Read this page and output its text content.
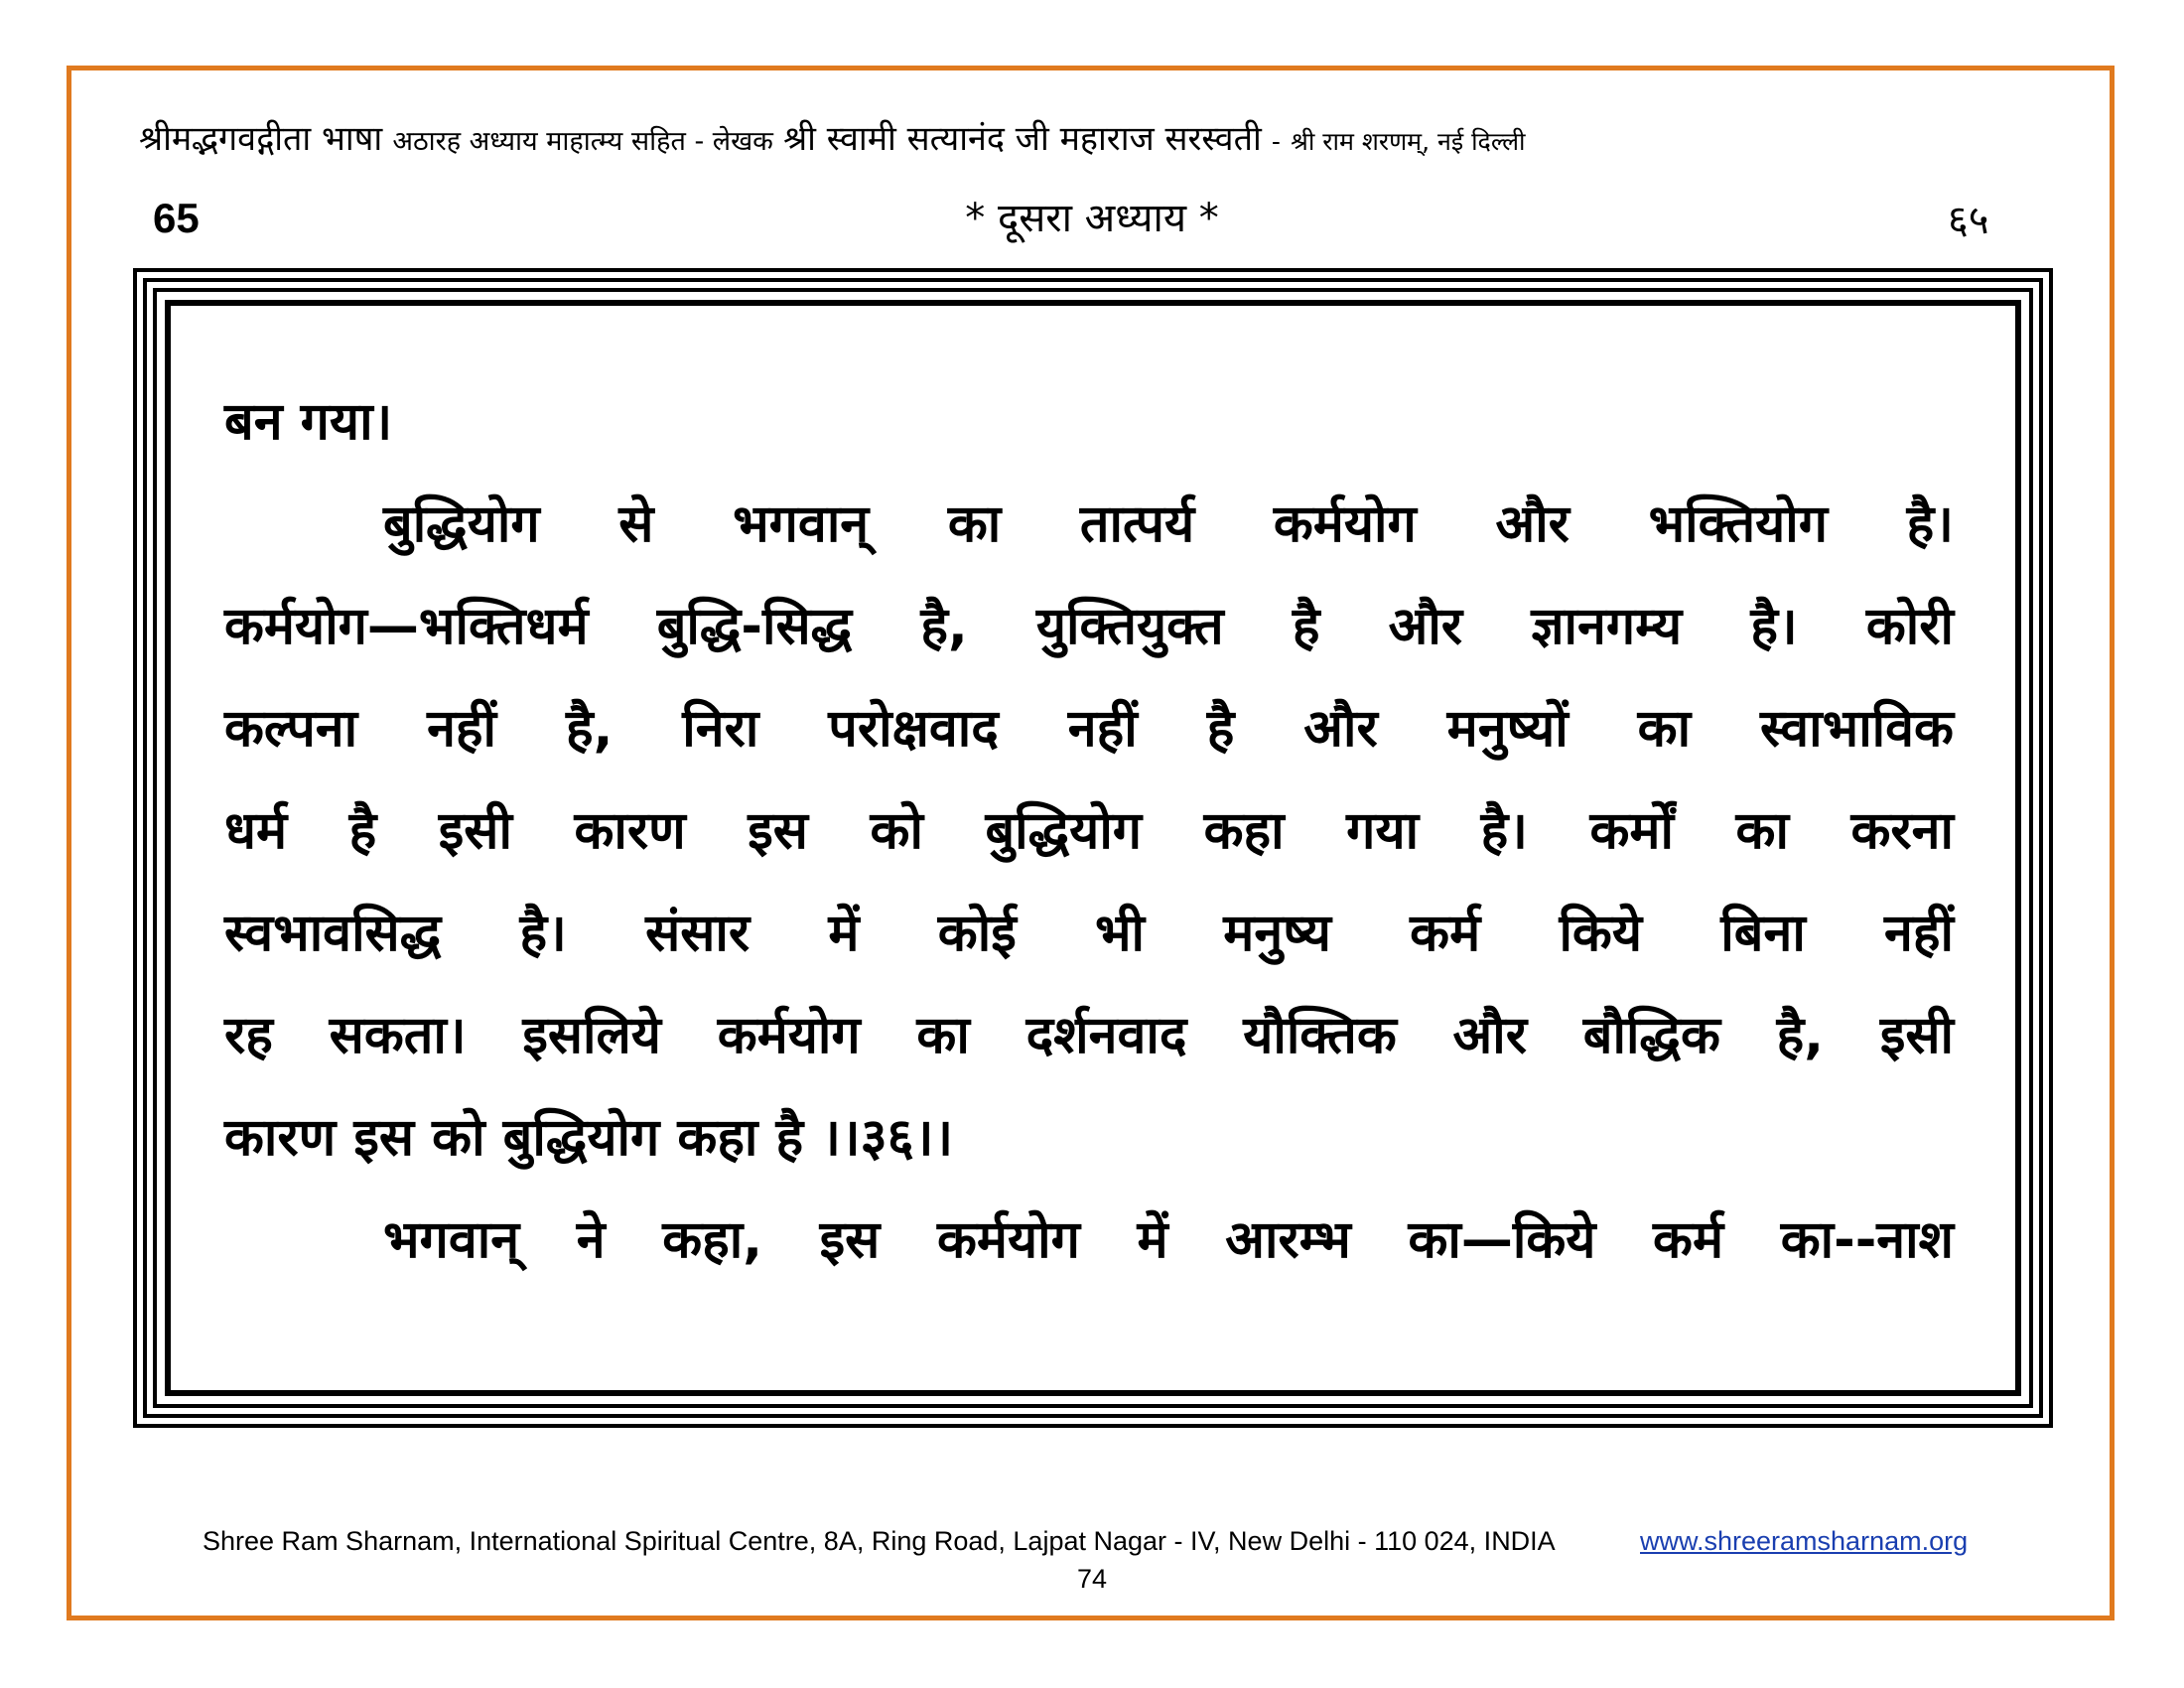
श्रीमद्भगवद्गीता भाषा अठारह अध्याय माहात्म्य सहित - लेखक श्री स्वामी सत्यानंद जी महाराज सरस्वती - श्री राम शरणम्, नई दिल्ली
65	* दूसरा अध्याय *	६५
बन गया।
बुद्धियोग से भगवान् का तात्पर्य कर्मयोग और भक्तियोग है।
कर्मयोग—भक्तिधर्म बुद्धि-सिद्ध है, युक्तियुक्त है और ज्ञानगम्य है। कोरी
कल्पना नहीं है, निरा परोक्षवाद नहीं है और मनुष्यों का स्वाभाविक
धर्म है इसी कारण इस को बुद्धियोग कहा गया है। कर्मों का करना
स्वभावसिद्ध है। संसार में कोई भी मनुष्य कर्म किये बिना नहीं
रह सकता। इसलिये कर्मयोग का दर्शनवाद यौक्तिक और बौद्धिक है, इसी
कारण इस को बुद्धियोग कहा है ।।३६।।
भगवान् ने कहा, इस कर्मयोग में आरम्भ का—किये कर्म का--नाश
Shree Ram Sharnam, International Spiritual Centre, 8A, Ring Road, Lajpat Nagar - IV, New Delhi - 110 024, INDIA	www.shreeramsharnam.org
74
